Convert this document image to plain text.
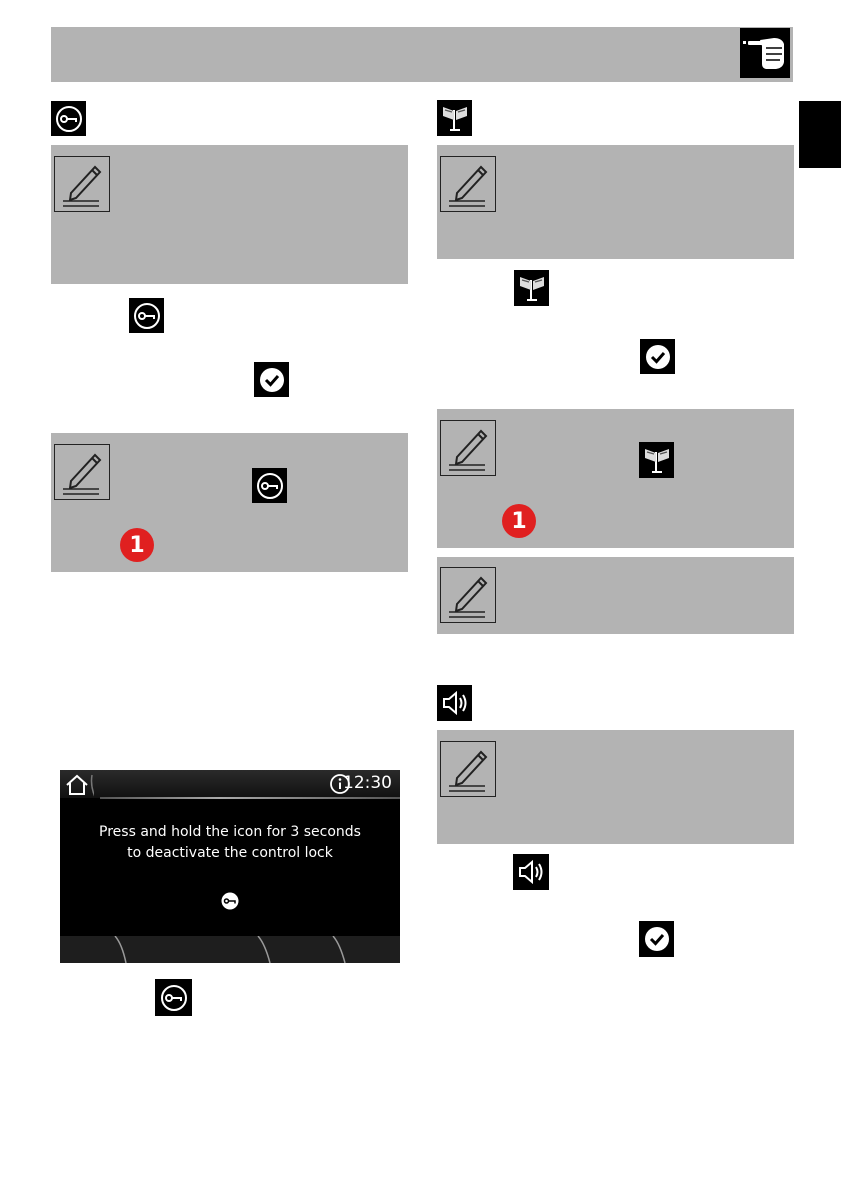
1
12:30
Press and hold the icon for 3 seconds
to deactivate the control lock
1
